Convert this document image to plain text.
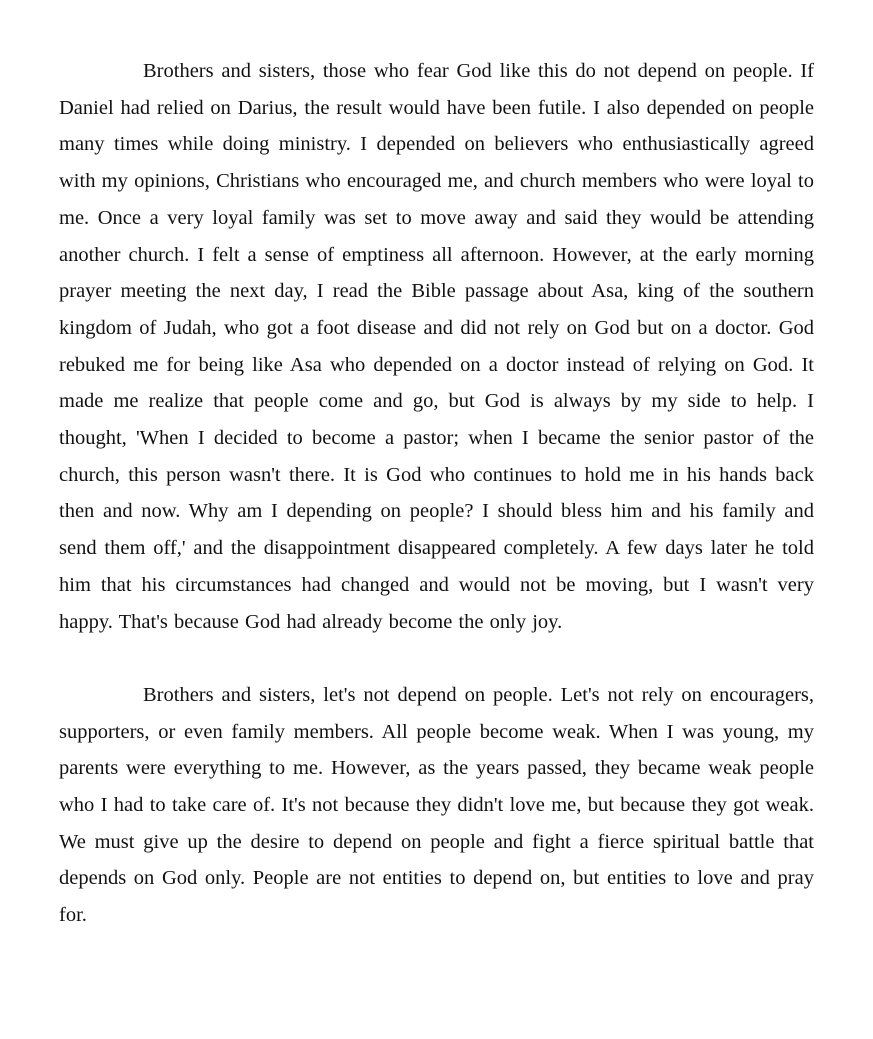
Brothers and sisters, those who fear God like this do not depend on people. If Daniel had relied on Darius, the result would have been futile. I also depended on people many times while doing ministry. I depended on believers who enthusiastically agreed with my opinions, Christians who encouraged me, and church members who were loyal to me. Once a very loyal family was set to move away and said they would be attending another church. I felt a sense of emptiness all afternoon. However, at the early morning prayer meeting the next day, I read the Bible passage about Asa, king of the southern kingdom of Judah, who got a foot disease and did not rely on God but on a doctor. God rebuked me for being like Asa who depended on a doctor instead of relying on God. It made me realize that people come and go, but God is always by my side to help. I thought, 'When I decided to become a pastor; when I became the senior pastor of the church, this person wasn't there. It is God who continues to hold me in his hands back then and now. Why am I depending on people? I should bless him and his family and send them off,' and the disappointment disappeared completely. A few days later he told him that his circumstances had changed and would not be moving, but I wasn't very happy. That's because God had already become the only joy.

Brothers and sisters, let's not depend on people. Let's not rely on encouragers, supporters, or even family members. All people become weak. When I was young, my parents were everything to me. However, as the years passed, they became weak people who I had to take care of. It's not because they didn't love me, but because they got weak. We must give up the desire to depend on people and fight a fierce spiritual battle that depends on God only. People are not entities to depend on, but entities to love and pray for.
